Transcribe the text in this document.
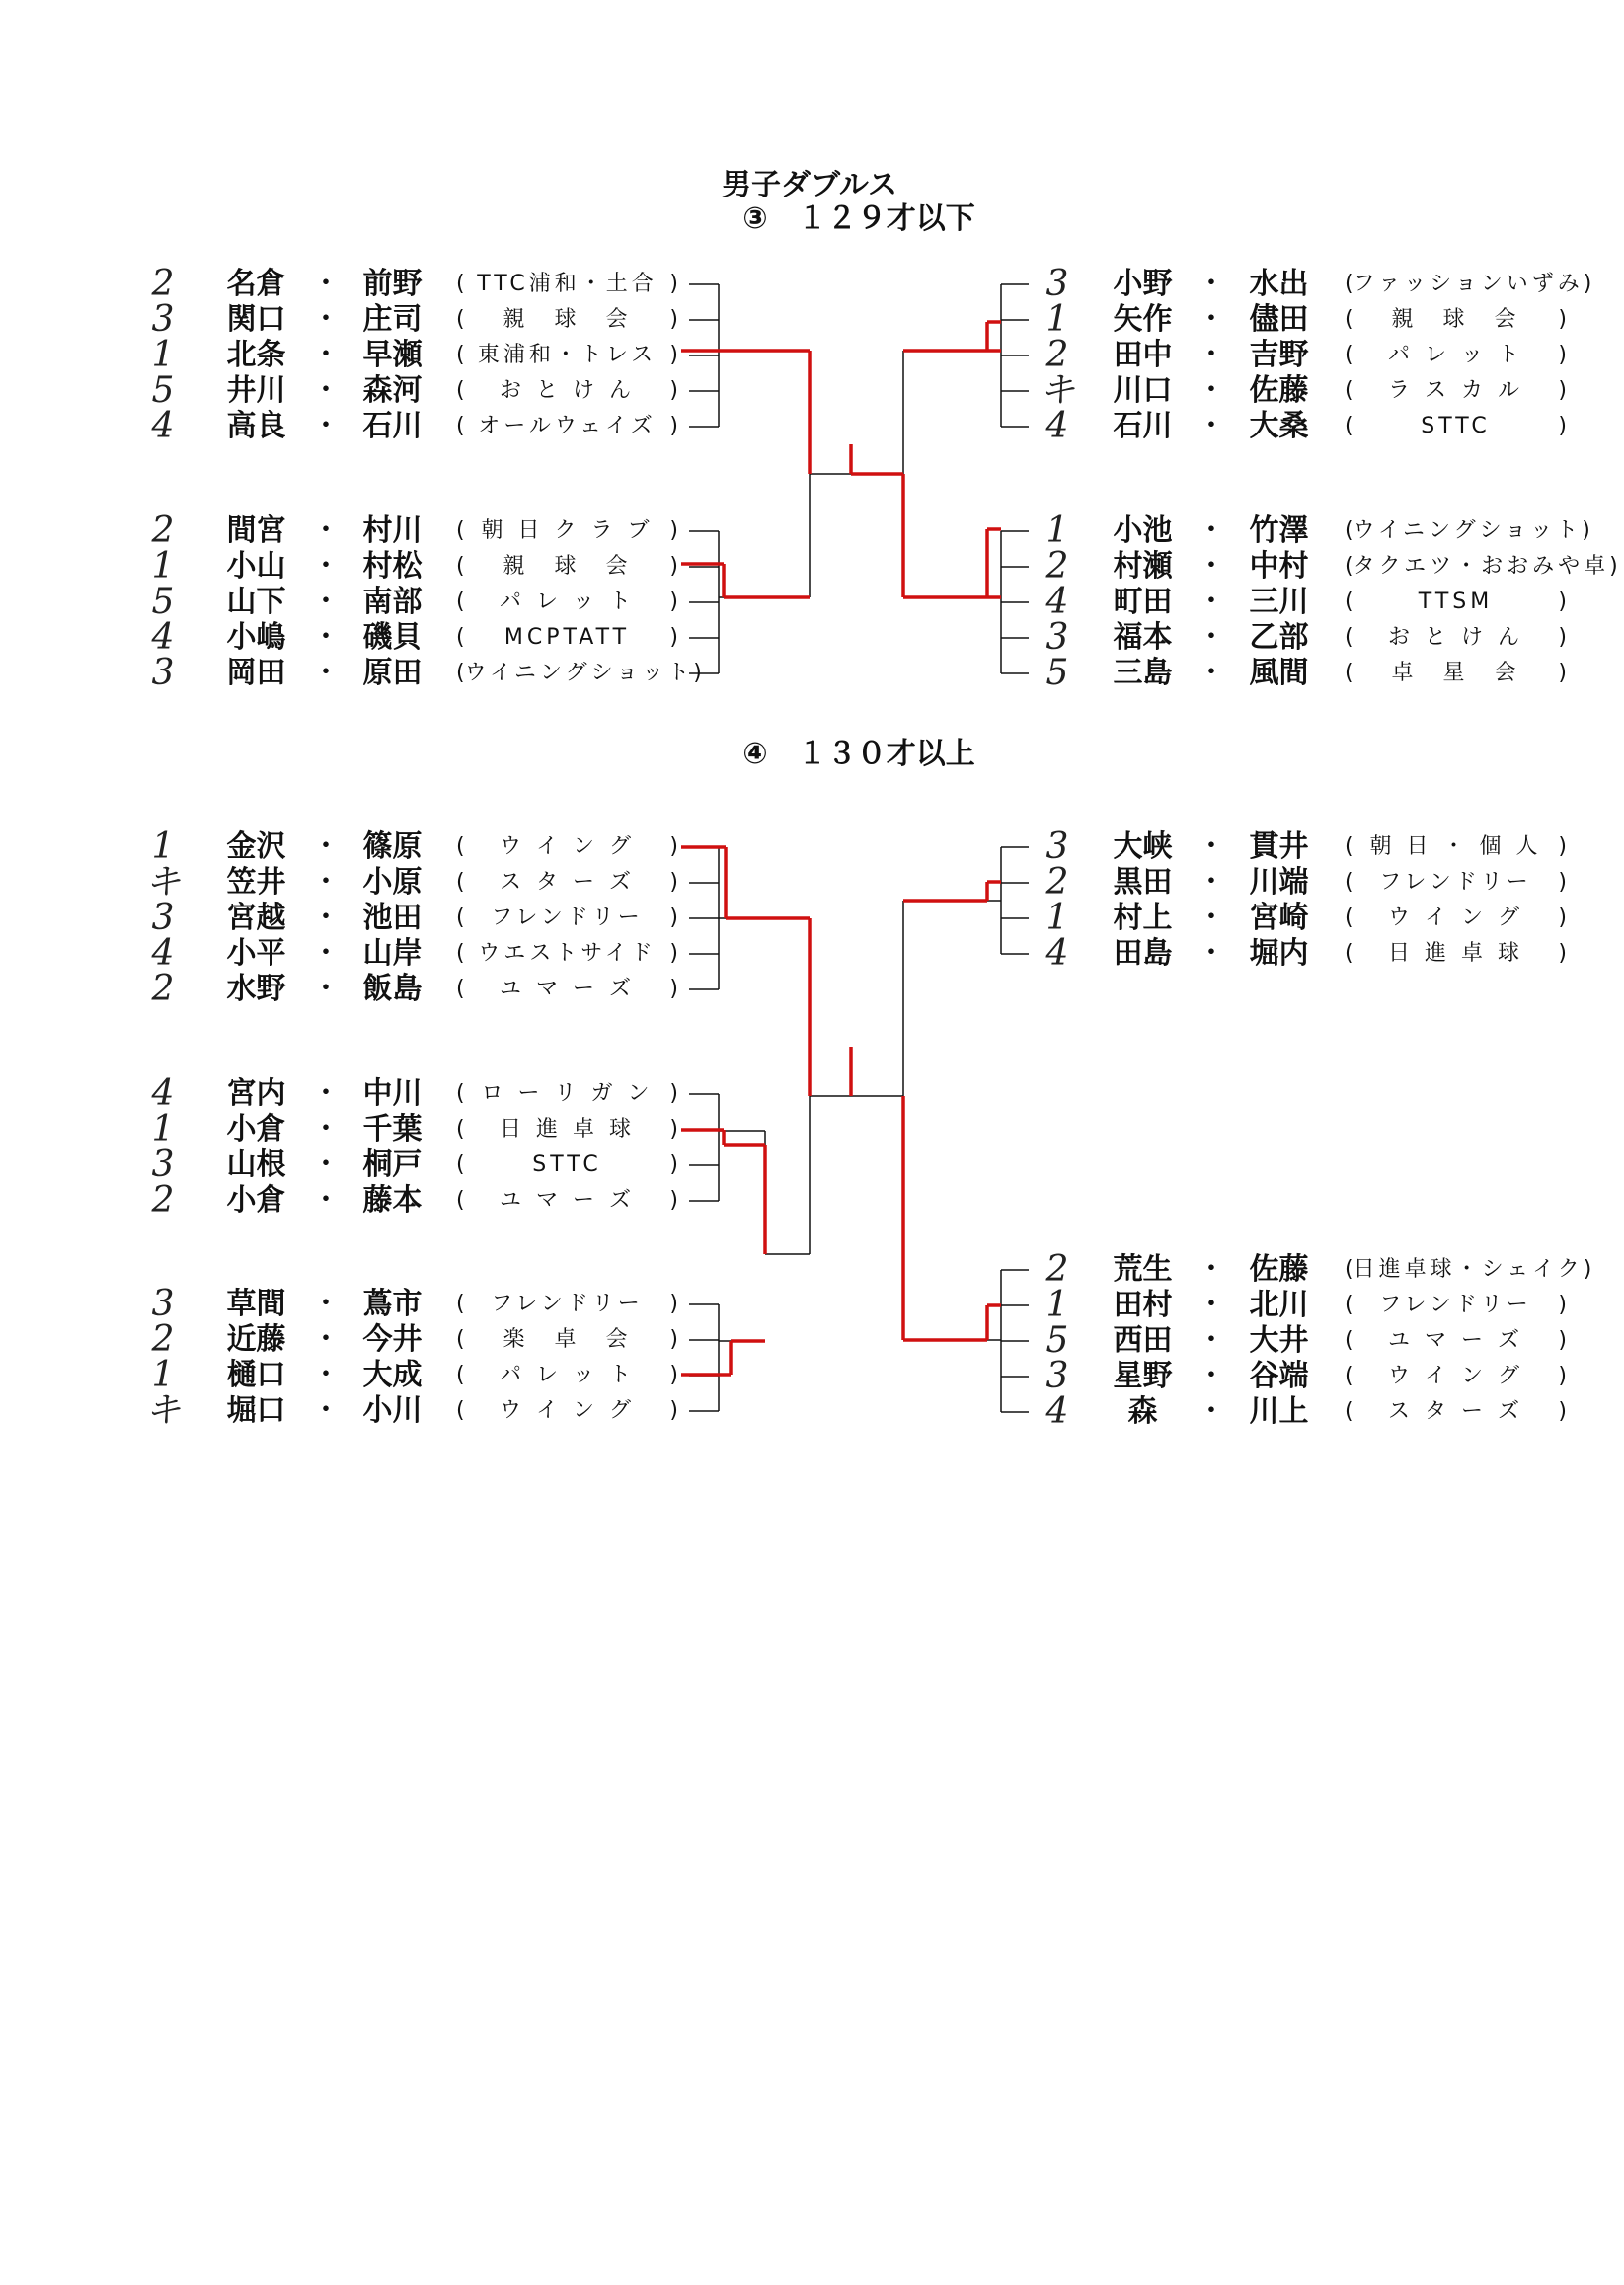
男子ダブルス
③　１２９才以下
④　１３０才以上
2	名倉 ・ 前野	( TTC浦和・土合 )
3	関口 ・ 庄司	(	親　球　会	)
1	北条 ・ 早瀬	( 東浦和・トレス )
5	井川 ・ 森河	(	お と け ん	)
4	高良 ・ 石川	( オールウェイズ )
2	間宮 ・ 村川	( 朝 日 ク ラ ブ )
1	小山 ・ 村松	(	親　球　会	)
5	山下 ・ 南部	(	パ レ ッ ト	)
4	小嶋 ・ 磯貝	(	MCPTATT	)
3	岡田 ・ 原田	( ウイニングショット )
3	小野 ・ 水出	( ファッションいずみ )
1	矢作 ・ 儘田	(	親　球　会	)
2	田中 ・ 吉野	(	パ レ ッ ト	)
キ	川口 ・ 佐藤	(	ラ ス カ ル	)
4	石川 ・ 大桑	(	STTC	)
1	小池 ・ 竹澤	( ウイニングショット )
2	村瀬 ・ 中村	( タクエツ・おおみや卓 )
4	町田 ・ 三川	(	TTSM	)
3	福本 ・ 乙部	(	お と け ん	)
5	三島 ・ 風間	(	卓　星　会	)
1	金沢 ・ 篠原	(	ウ イ ン グ	)
キ	笠井 ・ 小原	(	ス タ ー ズ	)
3	宮越 ・ 池田	(	フレンドリー	)
4	小平 ・ 山岸	( ウエストサイド )
2	水野 ・ 飯島	(	ユ マ ー ズ	)
4	宮内 ・ 中川	( ロ ー リ ガ ン )
1	小倉 ・ 千葉	(	日 進 卓 球	)
3	山根 ・ 桐戸	(	STTC	)
2	小倉 ・ 藤本	(	ユ マ ー ズ	)
3	草間 ・ 蔦市	(	フレンドリー	)
2	近藤 ・ 今井	(	楽　卓　会	)
1	樋口 ・ 大成	(	パ レ ッ ト	)
キ	堀口 ・ 小川	(	ウ イ ン グ	)
3	大峡 ・ 貫井	( 朝 日 ・ 個 人 )
2	黒田 ・ 川端	(	フレンドリー	)
1	村上 ・ 宮崎	(	ウ イ ン グ	)
4	田島 ・ 堀内	(	日 進 卓 球	)
2	荒生 ・ 佐藤	( 日進卓球・シェイク )
1	田村 ・ 北川	(	フレンドリー	)
5	西田 ・ 大井	(	ユ マ ー ズ	)
3	星野 ・ 谷端	(	ウ イ ン グ	)
4	森	・ 川上	(	ス タ ー ズ	)
